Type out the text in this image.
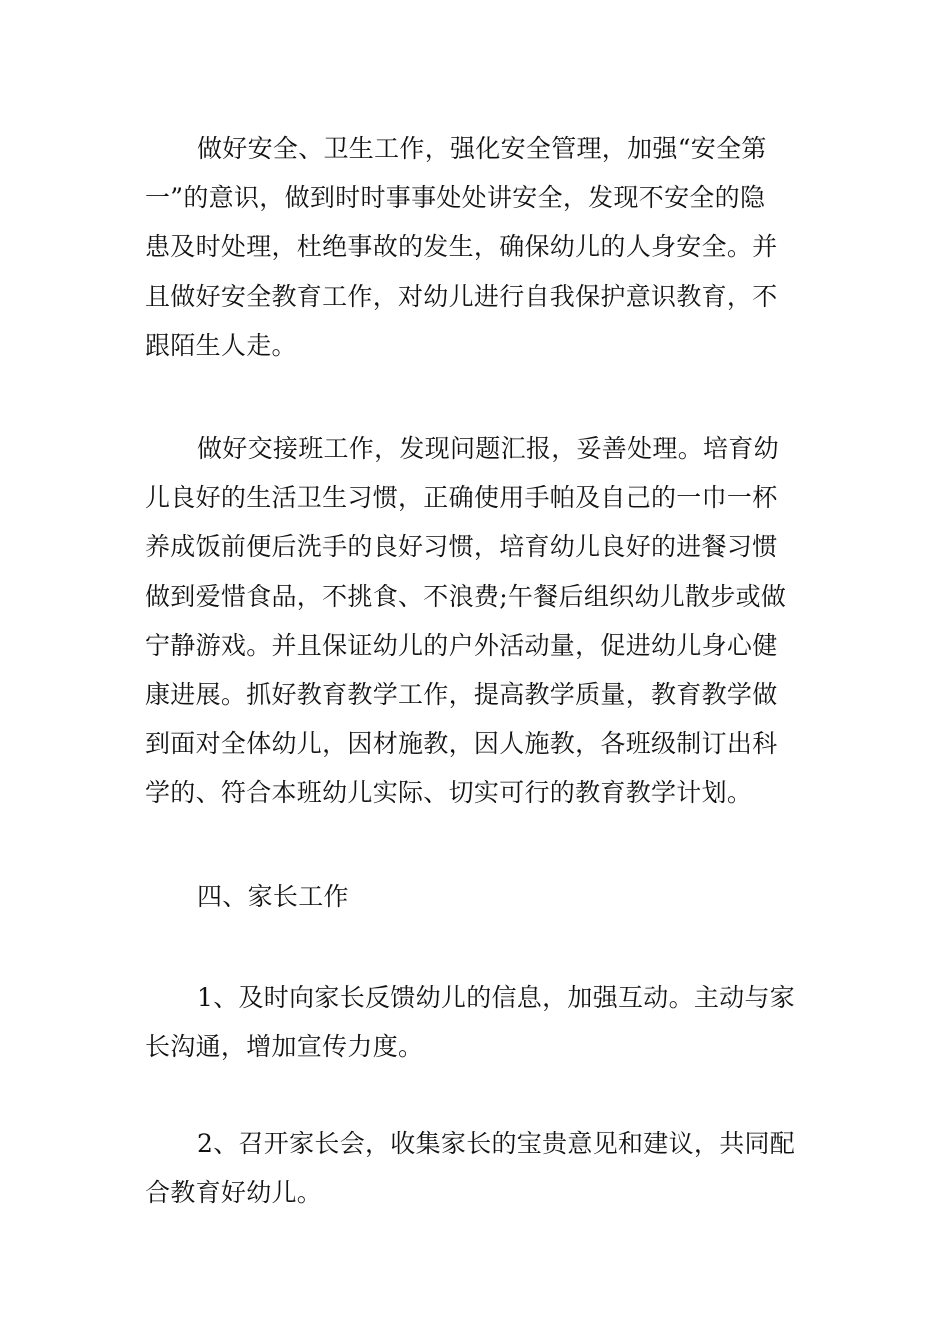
做好安全、卫生工作，强化安全管理，加强“安全第
一”的意识，做到时时事事处处讲安全，发现不安全的隐
患及时处理，杜绝事故的发生，确保幼儿的人身安全。并
且做好安全教育工作，对幼儿进行自我保护意识教育，不
跟陌生人走。
做好交接班工作，发现问题汇报，妥善处理。培育幼
儿良好的生活卫生习惯，正确使用手帕及自己的一巾一杯
养成饭前便后洗手的良好习惯，培育幼儿良好的进餐习惯
做到爱惜食品，不挑食、不浪费;午餐后组织幼儿散步或做
宁静游戏。并且保证幼儿的户外活动量，促进幼儿身心健
康进展。抓好教育教学工作，提高教学质量，教育教学做
到面对全体幼儿，因材施教，因人施教，各班级制订出科
学的、符合本班幼儿实际、切实可行的教育教学计划。
四、家长工作
1、及时向家长反馈幼儿的信息，加强互动。主动与家
长沟通，增加宣传力度。
2、召开家长会，收集家长的宝贵意见和建议，共同配
合教育好幼儿。
